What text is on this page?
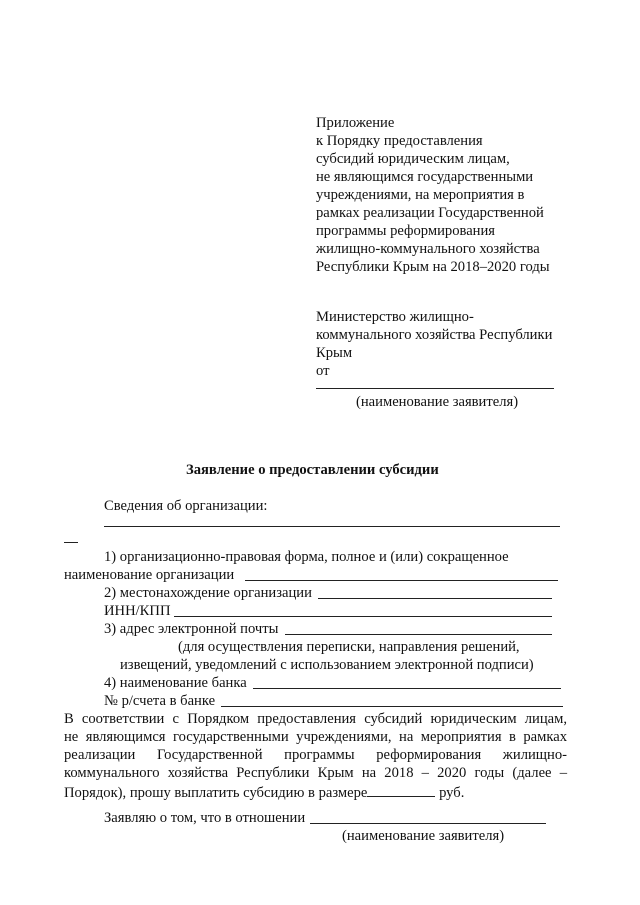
Приложение
к Порядку предоставления
субсидий юридическим лицам,
не являющимся государственными
учреждениями, на мероприятия в
рамках реализации Государственной
программы реформирования
жилищно-коммунального хозяйства
Республики Крым на 2018–2020 годы
Министерство жилищно-
коммунального хозяйства Республики
Крым
от
(наименование заявителя)
Заявление о предоставлении субсидии
Сведения об организации:
1) организационно-правовая форма, полное и (или) сокращенное
наименование организации
2) местонахождение организации
ИНН/КПП
3) адрес электронной почты
(для осуществления переписки, направления решений,
извещений, уведомлений с использованием электронной подписи)
4) наименование банка
№ р/счета в банке
В соответствии с Порядком предоставления субсидий юридическим лицам,
не являющимся государственными учреждениями, на мероприятия в рамках
реализации Государственной программы реформирования жилищно-
коммунального хозяйства Республики Крым на 2018 – 2020 годы (далее –
Порядок), прошу выплатить субсидию в размере	руб.
Заявляю о том, что в отношении
(наименование заявителя)
